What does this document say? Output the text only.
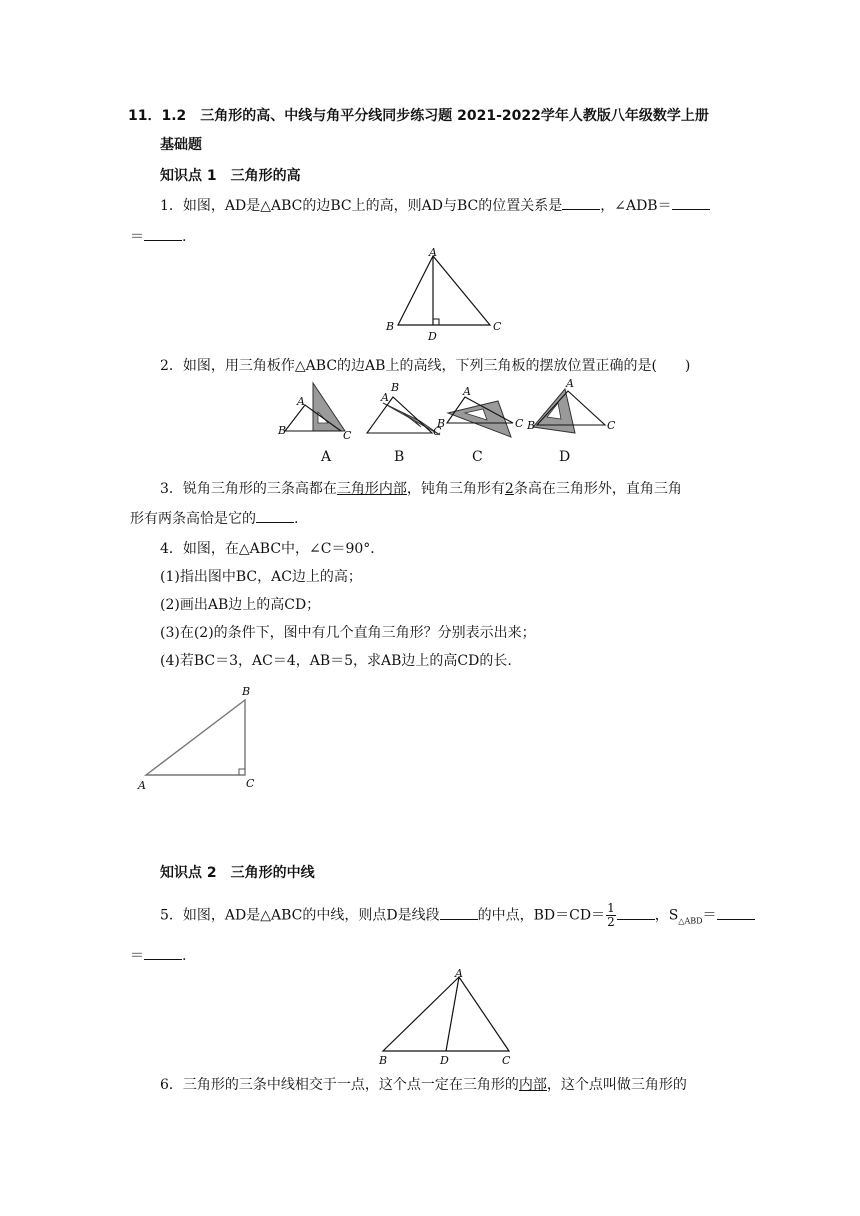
11．1.2　三角形的高、中线与角平分线同步练习题 2021-2022学年人教版八年级数学上册
基础题
知识点 1　三角形的高
1．如图，AD是△ABC的边BC上的高，则AD与BC的位置关系是	，∠ADB＝
＝	.
A
B	C
D
2．如图，用三角板作△ABC的边AB上的高线，下列三角板的摆放位置正确的是(　　)
A
B	C
A
B
C
A
B	C
A
B	C
A	B	C	D
3．锐角三角形的三条高都在三角形内部，钝角三角形有2条高在三角形外，直角三角
形有两条高恰是它的	.
4．如图，在△ABC中，∠C＝90°．
(1)指出图中BC，AC边上的高；
(2)画出AB边上的高CD；
(3)在(2)的条件下，图中有几个直角三角形？分别表示出来；
(4)若BC＝3，AC＝4，AB＝5，求AB边上的高CD的长.
B
A	C
知识点 2　三角形的中线
5．如图，AD是△ABC的中线，则点D是线段	的中点，$BD=CD= \frac{1}{2}$	，$S_{\triangle ABD}=$
＝	.
A
B	D	C
6．三角形的三条中线相交于一点，这个点一定在三角形的内部，这个点叫做三角形的
